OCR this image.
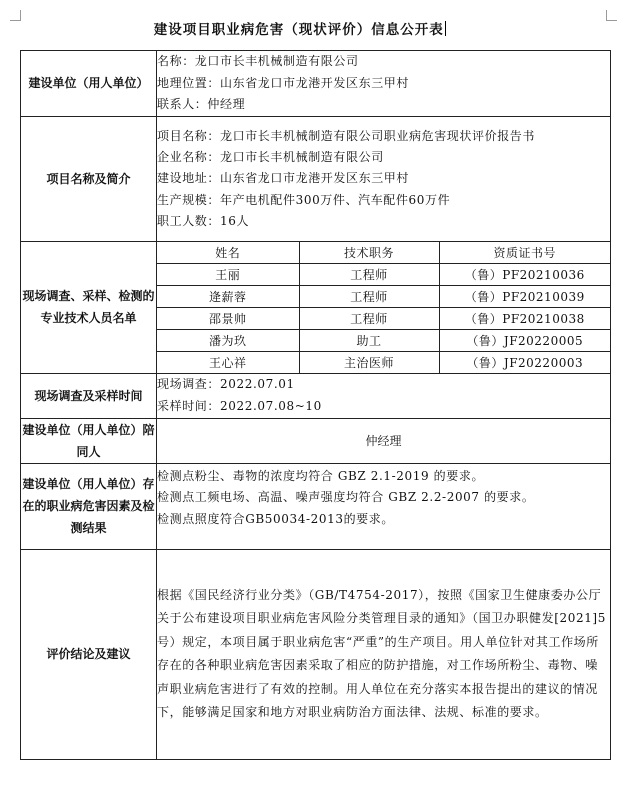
建设项目职业病危害（现状评价）信息公开表
建设单位（用人单位）	
名称：龙口市长丰机械制造有限公司
地理位置：山东省龙口市龙港开发区东三甲村
联系人：仲经理

项目名称及简介	
项目名称：龙口市长丰机械制造有限公司职业病危害现状评价报告书
企业名称：龙口市长丰机械制造有限公司
建设地址：山东省龙口市龙港开发区东三甲村
生产规模：年产电机配件300万件、汽车配件60万件
职工人数：16人

现场调查、采样、检测的专业技术人员名单	
姓名	技术职务	资质证书号
王丽	工程师	（鲁）PF20210036
逄薪蓉	工程师	（鲁）PF20210039
邵景帅	工程师	（鲁）PF20210038
潘为玖	助工	（鲁）JF20220005
王心祥	主治医师	（鲁）JF20220003

现场调查及采样时间	
现场调查：2022.07.01
采样时间：2022.07.08~10

建设单位（用人单位）陪同人	仲经理
建设单位（用人单位）存在的职业病危害因素及检测结果	
检测点粉尘、毒物的浓度均符合 GBZ 2.1-2019 的要求。
检测点工频电场、高温、噪声强度均符合 GBZ 2.2-2007 的要求。
检测点照度符合GB50034-2013的要求。

评价结论及建议	
根据《国民经济行业分类》（GB/T4754-2017），按照《国家卫生健康委办公厅关于公布建设项目职业病危害风险分类管理目录的通知》（国卫办职健发[2021]5号）规定，本项目属于职业病危害“严重”的生产项目。用人单位针对其工作场所存在的各种职业病危害因素采取了相应的防护措施，对工作场所粉尘、毒物、噪声职业病危害进行了有效的控制。用人单位在充分落实本报告提出的建议的情况下，能够满足国家和地方对职业病防治方面法律、法规、标准的要求。
